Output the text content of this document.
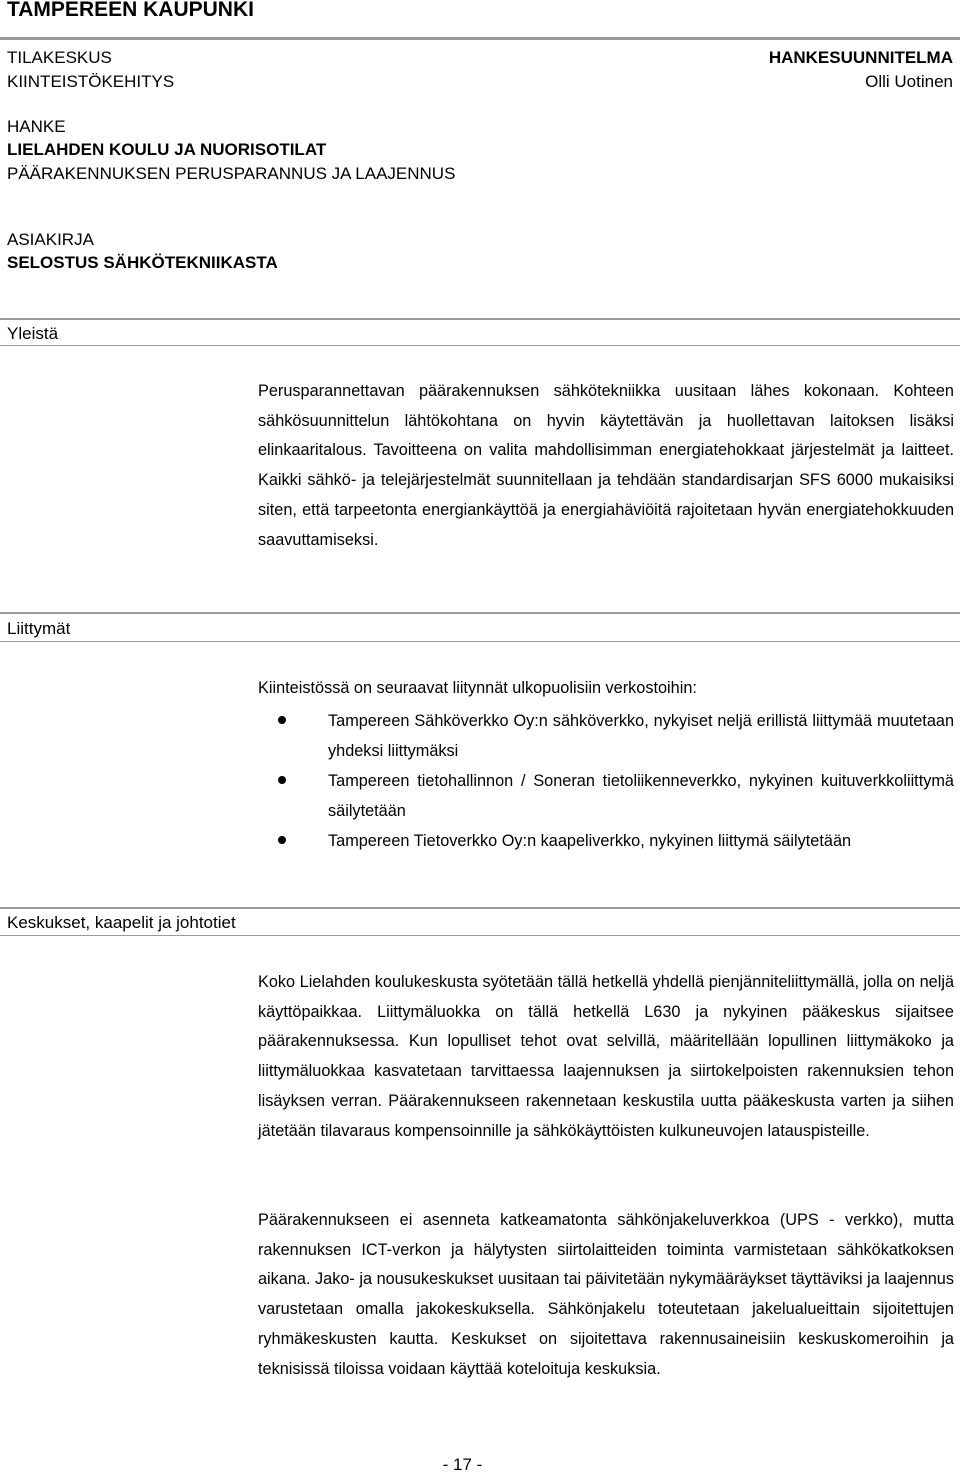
TAMPEREEN KAUPUNKI
TILAKESKUS
KIINTEISTÖKEHITYS
HANKESUUNNITELMA
Olli Uotinen
HANKE
LIELAHDEN KOULU JA NUORISOTILAT
PÄÄRAKENNUKSEN PERUSPARANNUS JA LAAJENNUS
ASIAKIRJA
SELOSTUS SÄHKÖTEKNIIKASTA
Yleistä
Perusparannettavan päärakennuksen sähkötekniikka uusitaan lähes kokonaan. Kohteen sähkösuunnittelun lähtökohtana on hyvin käytettävän ja huollettavan laitoksen lisäksi elinkaaritalous. Tavoitteena on valita mahdollisimman energiatehokkaat järjestelmät ja laitteet. Kaikki sähkö- ja telejärjestelmät suunnitellaan ja tehdään standardisarjan SFS 6000 mukaisiksi siten, että tarpeetonta energiankäyttöä ja energiahäviöitä rajoitetaan hyvän energiatehokkuuden saavuttamiseksi.
Liittymät
Kiinteistössä on seuraavat liitynnät ulkopuolisiin verkostoihin:
Tampereen Sähköverkko Oy:n sähköverkko, nykyiset neljä erillistä liittymää muutetaan yhdeksi liittymäksi
Tampereen tietohallinnon / Soneran tietoliikenneverkko, nykyinen kuituverkkoliittymä säilytetään
Tampereen Tietoverkko Oy:n kaapeliverkko, nykyinen liittymä säilytetään
Keskukset, kaapelit ja johtotiet
Koko Lielahden koulukeskusta syötetään tällä hetkellä yhdellä pienjänniteliittymällä, jolla on neljä käyttöpaikkaa. Liittymäluokka on tällä hetkellä L630 ja nykyinen pääkeskus sijaitsee päärakennuksessa. Kun lopulliset tehot ovat selvillä, määritellään lopullinen liittymäkoko ja liittymäluokkaa kasvatetaan tarvittaessa laajennuksen ja siirtokelpoisten rakennuksien tehon lisäyksen verran. Päärakennukseen rakennetaan keskustila uutta pääkeskusta varten ja siihen jätetään tilavaraus kompensoinnille ja sähkökäyttöisten kulkuneuvojen latauspisteille.
Päärakennukseen ei asenneta katkeamatonta sähkönjakeluverkkoa (UPS - verkko), mutta rakennuksen ICT-verkon ja hälytysten siirtolaitteiden toiminta varmistetaan sähkökatkoksen aikana. Jako- ja nousukeskukset uusitaan tai päivitetään nykymääräykset täyttäviksi ja laajennus varustetaan omalla jakokeskuksella. Sähkönjakelu toteutetaan jakelualueittain sijoitettujen ryhmäkeskusten kautta. Keskukset on sijoitettava rakennusaineisiin keskuskomeroihin ja teknisissä tiloissa voidaan käyttää koteloituja keskuksia.
- 17 -
